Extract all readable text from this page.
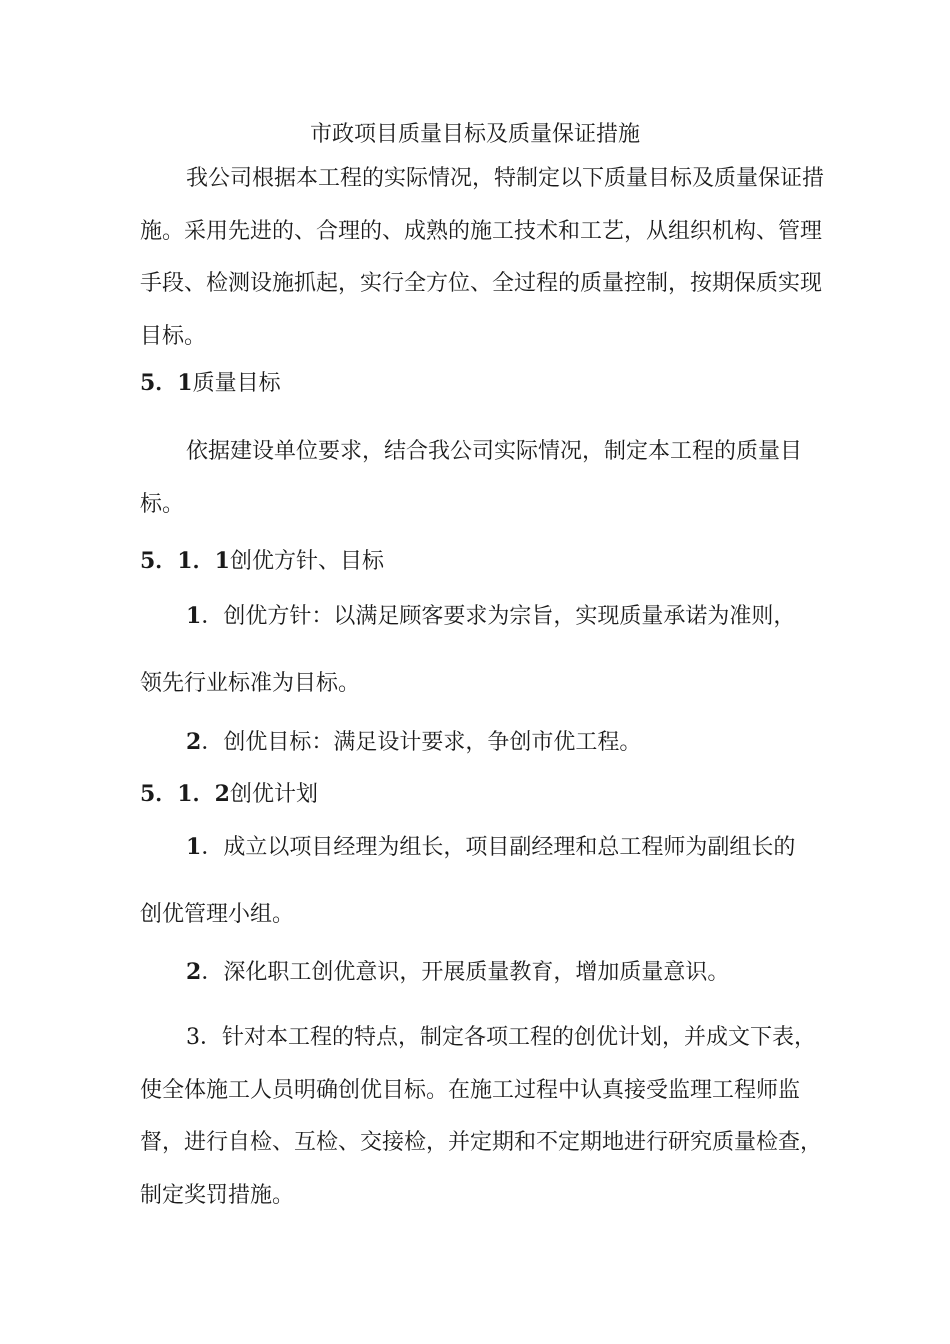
市政项目质量目标及质量保证措施

我公司根据本工程的实际情况，特制定以下质量目标及质量保证措施。采用先进的、合理的、成熟的施工技术和工艺，从组织机构、管理手段、检测设施抓起，实行全方位、全过程的质量控制，按期保质实现目标。

5．1质量目标

依据建设单位要求，结合我公司实际情况，制定本工程的质量目标。

5．1．1创优方针、目标
1．创优方针：以满足顾客要求为宗旨，实现质量承诺为准则，
领先行业标准为目标。
2．创优目标：满足设计要求，争创市优工程。
5．1．2创优计划
1．成立以项目经理为组长，项目副经理和总工程师为副组长的
创优管理小组。
2．深化职工创优意识，开展质量教育，增加质量意识。

3．针对本工程的特点，制定各项工程的创优计划，并成文下表，使全体施工人员明确创优目标。在施工过程中认真接受监理工程师监督，进行自检、互检、交接检，并定期和不定期地进行研究质量检查，制定奖罚措施。
